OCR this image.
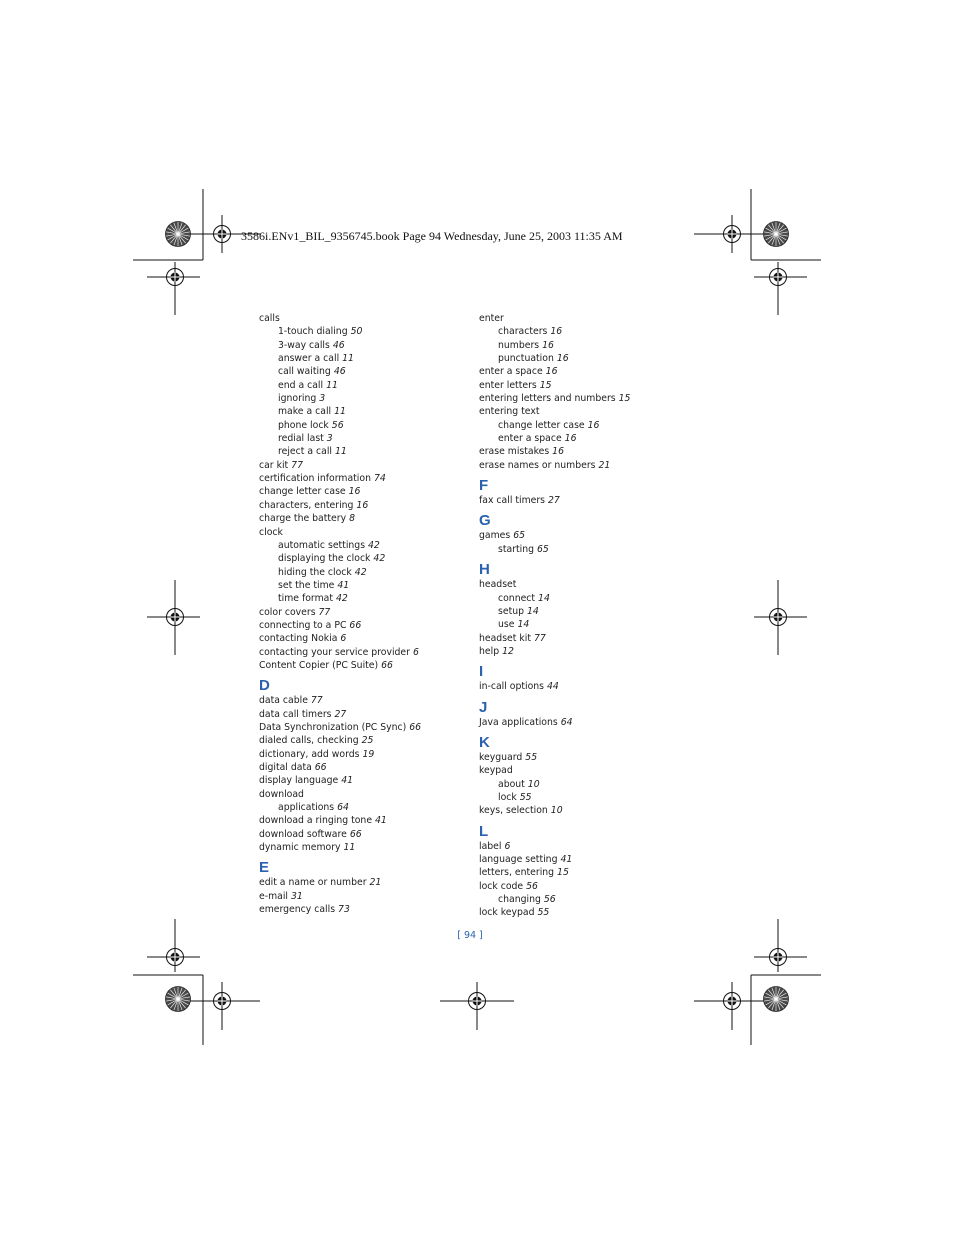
3586i.ENv1_BIL_9356745.book Page 94 Wednesday, June 25, 2003 11:35 AM
calls
1-touch dialing 50
3-way calls 46
answer a call 11
call waiting 46
end a call 11
ignoring 3
make a call 11
phone lock 56
redial last 3
reject a call 11
car kit 77
certification information 74
change letter case 16
characters, entering 16
charge the battery 8
clock
automatic settings 42
displaying the clock 42
hiding the clock 42
set the time 41
time format 42
color covers 77
connecting to a PC 66
contacting Nokia 6
contacting your service provider 6
Content Copier (PC Suite) 66
D
data cable 77
data call timers 27
Data Synchronization (PC Sync) 66
dialed calls, checking 25
dictionary, add words 19
digital data 66
display language 41
download
applications 64
download a ringing tone 41
download software 66
dynamic memory 11
E
edit a name or number 21
e-mail 31
emergency calls 73
enter
characters 16
numbers 16
punctuation 16
enter a space 16
enter letters 15
entering letters and numbers 15
entering text
change letter case 16
enter a space 16
erase mistakes 16
erase names or numbers 21
F
fax call timers 27
G
games 65
starting 65
H
headset
connect 14
setup 14
use 14
headset kit 77
help 12
I
in-call options 44
J
Java applications 64
K
keyguard 55
keypad
about 10
lock 55
keys, selection 10
L
label 6
language setting 41
letters, entering 15
lock code 56
changing 56
lock keypad 55
[ 94 ]
